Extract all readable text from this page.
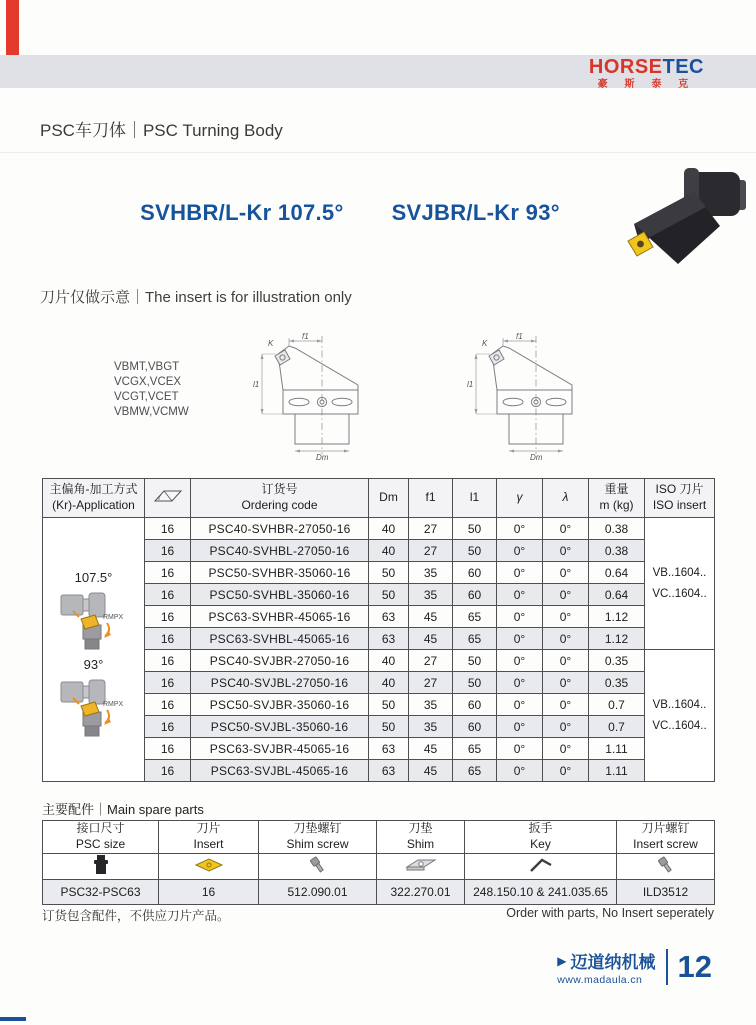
HORSETEC
豪 斯 泰 克
PSC车刀体｜PSC Turning Body
SVHBR/L-Kr 107.5° SVJBR/L-Kr 93°
刀片仅做示意｜The insert is for illustration only
VBMT,VBGT
VCGX,VCEX
VCGT,VCET
VBMW,VCMW
f1
K
l1
Dm
f1
K
l1
Dm
主偏角-加工方式
(Kr)-Application

订货号
Ordering code
	Dm	f1	l1	γ	λ	
重量
m (kg)

ISO 刀片
ISO insert

107.5°
RMPX
93°
RMPX
	16	PSC40-SVHBR-27050-16	40	27	50	0°	0°	0.38	
VB..1604..
VC..1604..

	16	PSC40-SVHBL-27050-16	40	27	50	0°	0°	0.38	
	16	PSC50-SVHBR-35060-16	50	35	60	0°	0°	0.64	
	16	PSC50-SVHBL-35060-16	50	35	60	0°	0°	0.64	
	16	PSC63-SVHBR-45065-16	63	45	65	0°	0°	1.12	
	16	PSC63-SVHBL-45065-16	63	45	65	0°	0°	1.12	
	16	PSC40-SVJBR-27050-16	40	27	50	0°	0°	0.35	VB..1604..
VC..1604..

	16	PSC40-SVJBL-27050-16	40	27	50	0°	0°	0.35	
	16	PSC50-SVJBR-35060-16	50	35	60	0°	0°	0.7	
	16	PSC50-SVJBL-35060-16	50	35	60	0°	0°	0.7	
	16	PSC63-SVJBR-45065-16	63	45	65	0°	0°	1.11	
	16	PSC63-SVJBL-45065-16	63	45	65	0°	0°	1.11	
主要配件｜Main spare parts
接口尺寸
PSC size

刀片
Insert

刀垫螺钉
Shim screw

刀垫
Shim

扳手
Key

刀片螺钉
Insert screw

PSC32-PSC63	16	512.090.01	322.270.01	248.150.10 & 241.035.65	ILD3512
订货包含配件，不供应刀片产品。	Order with parts, No Insert seperately
▶ 迈道纳机械
www.madaula.cn	12
